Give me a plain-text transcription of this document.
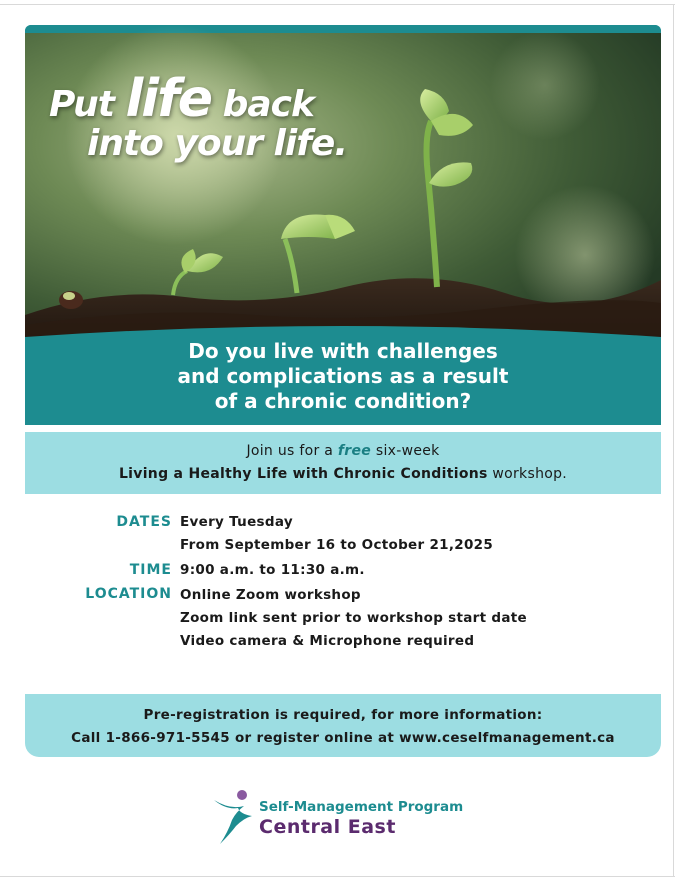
Put life back
into your life.
Do you live with challenges
and complications as a result
of a chronic condition?
Join us for a free six-week
Living a Healthy Life with Chronic Conditions workshop.
DATES Every Tuesday
From September 16 to October 21,2025
TIME 9:00 a.m. to 11:30 a.m.
LOCATION Online Zoom workshop
Zoom link sent prior to workshop start date
Video camera & Microphone required
Pre-registration is required, for more information:
Call 1-866-971-5545 or register online at www.ceselfmanagement.ca
Self-Management Program
Central East
